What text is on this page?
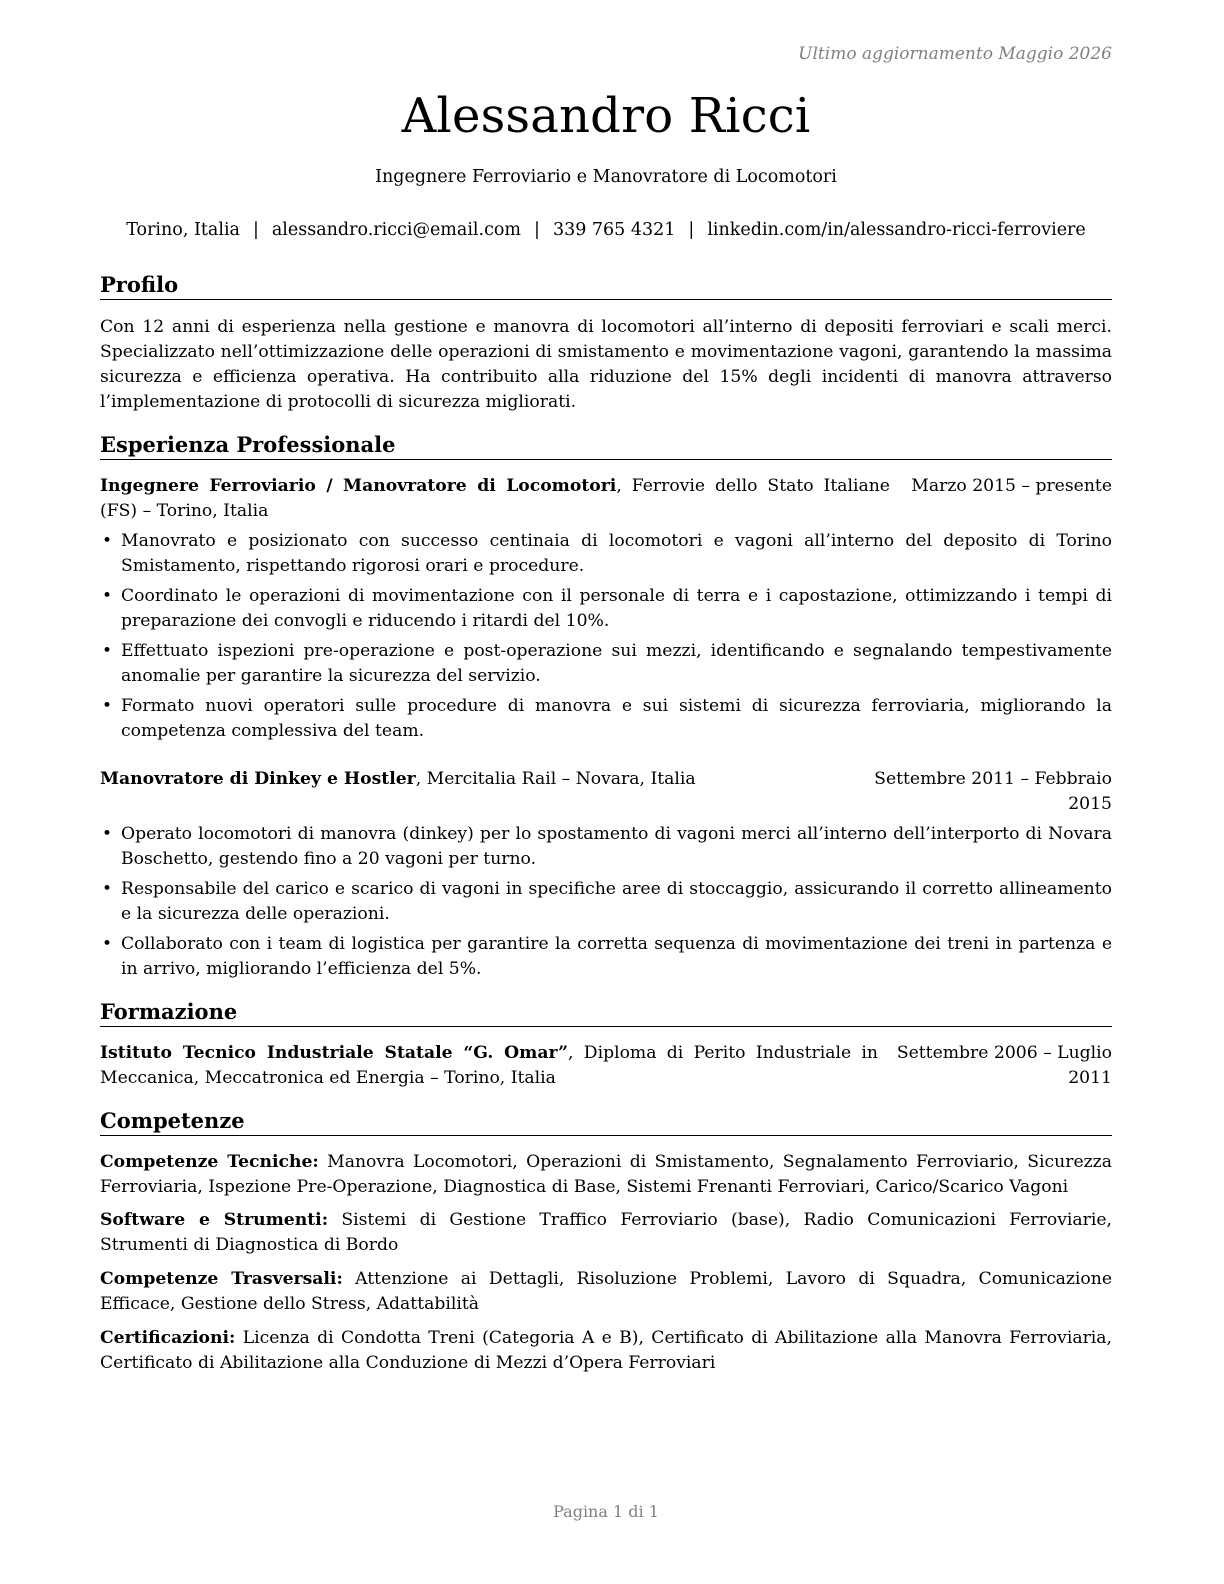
Ultimo aggiornamento Maggio 2026
Alessandro Ricci
Ingegnere Ferroviario e Manovratore di Locomotori
Torino, Italia | alessandro.ricci@email.com | 339 765 4321 | linkedin.com/in/alessandro-ricci-ferroviere
Profilo
Con 12 anni di esperienza nella gestione e manovra di locomotori all’interno di depositi ferroviari e scali merci. Specializzato nell’ottimizzazione delle operazioni di smistamento e movimentazione vagoni, garantendo la massima sicurezza e efficienza operativa. Ha contribuito alla riduzione del 15% degli incidenti di manovra attraverso l’implementazione di protocolli di sicurezza migliorati.
Esperienza Professionale
Ingegnere Ferroviario / Manovratore di Locomotori, Ferrovie dello Stato Italiane (FS) – Torino, Italia
Marzo 2015 – presente
• Manovrato e posizionato con successo centinaia di locomotori e vagoni all’interno del deposito di Torino Smistamento, rispettando rigorosi orari e procedure.
• Coordinato le operazioni di movimentazione con il personale di terra e i capostazione, ottimizzando i tempi di preparazione dei convogli e riducendo i ritardi del 10%.
• Effettuato ispezioni pre-operazione e post-operazione sui mezzi, identificando e segnalando tempestivamente anomalie per garantire la sicurezza del servizio.
• Formato nuovi operatori sulle procedure di manovra e sui sistemi di sicurezza ferroviaria, migliorando la competenza complessiva del team.
Manovratore di Dinkey e Hostler, Mercitalia Rail – Novara, Italia	Settembre 2011 – Febbraio
2015
• Operato locomotori di manovra (dinkey) per lo spostamento di vagoni merci all’interno dell’interporto di Novara Boschetto, gestendo fino a 20 vagoni per turno.
• Responsabile del carico e scarico di vagoni in specifiche aree di stoccaggio, assicurando il corretto allineamento e la sicurezza delle operazioni.
• Collaborato con i team di logistica per garantire la corretta sequenza di movimentazione dei treni in partenza e in arrivo, migliorando l’efficienza del 5%.
Formazione
Istituto Tecnico Industriale Statale “G. Omar”, Diploma di Perito Industriale in Meccanica, Meccatronica ed Energia – Torino, Italia
Settembre 2006 – Luglio
2011
Competenze
Competenze Tecniche: Manovra Locomotori, Operazioni di Smistamento, Segnalamento Ferroviario, Sicurezza Ferroviaria, Ispezione Pre-Operazione, Diagnostica di Base, Sistemi Frenanti Ferroviari, Carico/Scarico Vagoni
Software e Strumenti: Sistemi di Gestione Traffico Ferroviario (base), Radio Comunicazioni Ferroviarie, Strumenti di Diagnostica di Bordo
Competenze Trasversali: Attenzione ai Dettagli, Risoluzione Problemi, Lavoro di Squadra, Comunicazione Efficace, Gestione dello Stress, Adattabilità
Certificazioni: Licenza di Condotta Treni (Categoria A e B), Certificato di Abilitazione alla Manovra Ferroviaria, Certificato di Abilitazione alla Conduzione di Mezzi d’Opera Ferroviari
Pagina 1 di 1
